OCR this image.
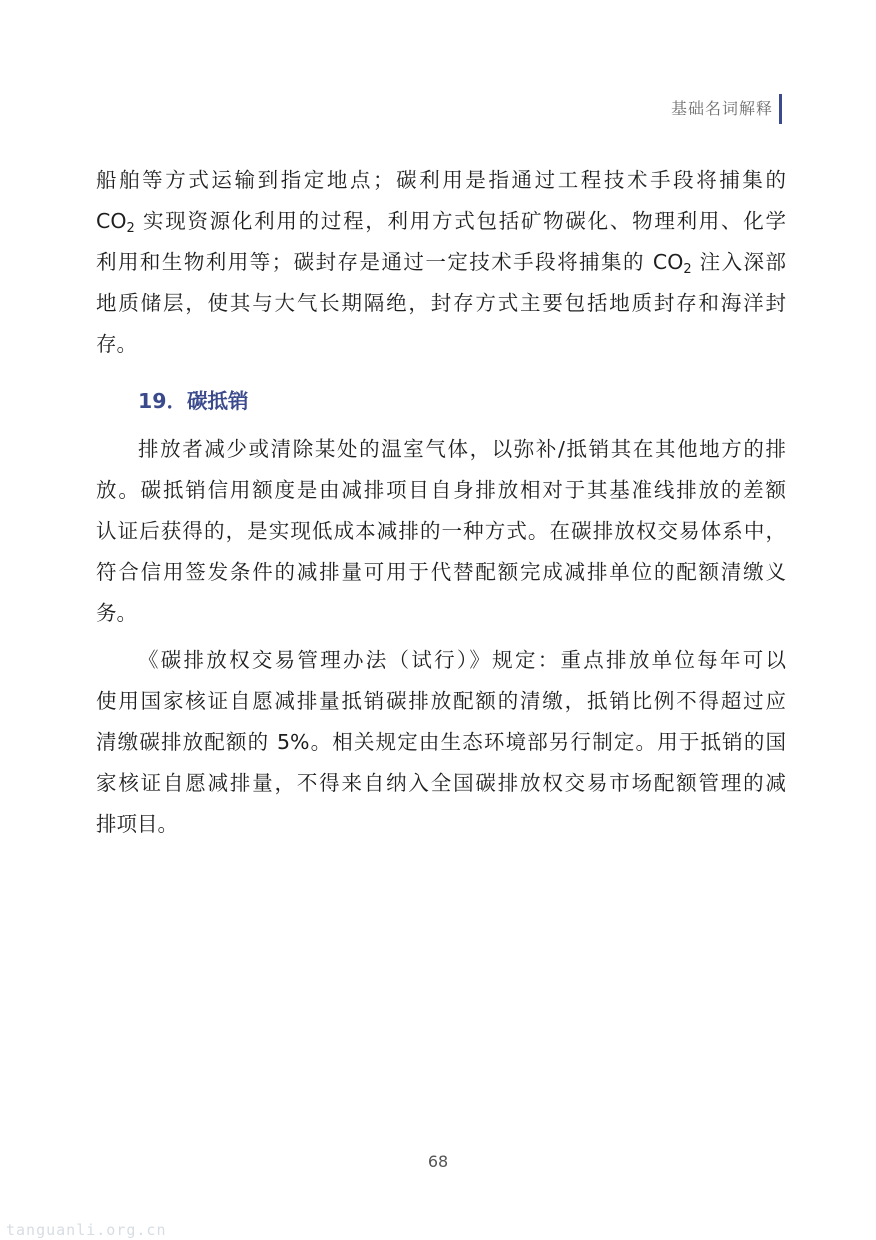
基础名词解释
船舶等方式运输到指定地点；碳利用是指通过工程技术手段将捕集的
$CO_2$ 实现资源化利用的过程，利用方式包括矿物碳化、物理利用、化学
利用和生物利用等；碳封存是通过一定技术手段将捕集的 $CO_2$ 注入深部
地质储层，使其与大气长期隔绝，封存方式主要包括地质封存和海洋封
存。
19．碳抵销
排放者减少或清除某处的温室气体，以弥补/抵销其在其他地方的排
放。碳抵销信用额度是由减排项目自身排放相对于其基准线排放的差额
认证后获得的，是实现低成本减排的一种方式。在碳排放权交易体系中，
符合信用签发条件的减排量可用于代替配额完成减排单位的配额清缴义
务。
《碳排放权交易管理办法（试行）》规定：重点排放单位每年可以
使用国家核证自愿减排量抵销碳排放配额的清缴，抵销比例不得超过应
清缴碳排放配额的 5%。相关规定由生态环境部另行制定。用于抵销的国
家核证自愿减排量，不得来自纳入全国碳排放权交易市场配额管理的减
排项目。
68
tanguanli.org.cn
